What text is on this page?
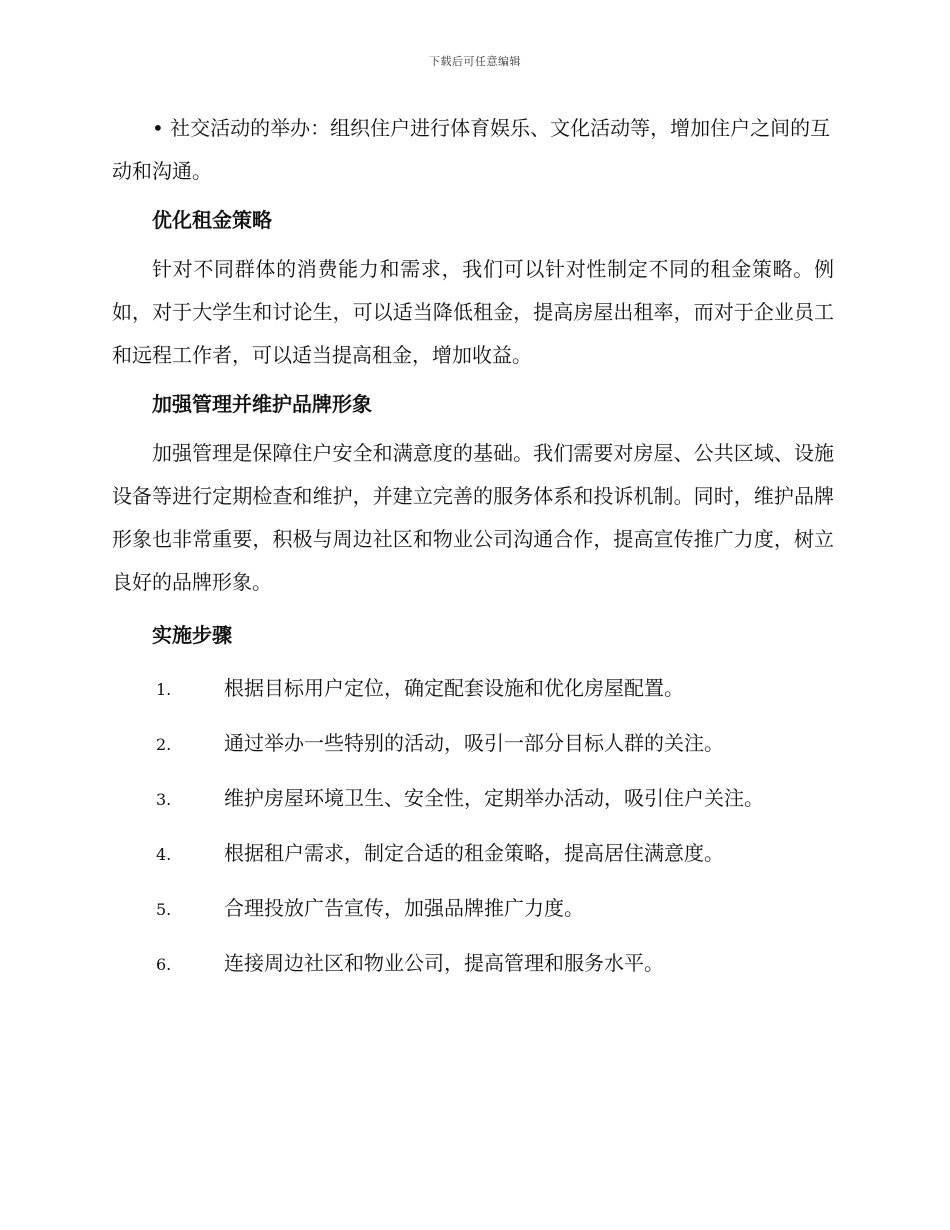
下载后可任意编辑

• 社交活动的举办：组织住户进行体育娱乐、文化活动等，增加住户之间的互动和沟通。

优化租金策略

针对不同群体的消费能力和需求，我们可以针对性制定不同的租金策略。例如，对于大学生和讨论生，可以适当降低租金，提高房屋出租率，而对于企业员工和远程工作者，可以适当提高租金，增加收益。

加强管理并维护品牌形象

加强管理是保障住户安全和满意度的基础。我们需要对房屋、公共区域、设施设备等进行定期检查和维护，并建立完善的服务体系和投诉机制。同时，维护品牌形象也非常重要，积极与周边社区和物业公司沟通合作，提高宣传推广力度，树立良好的品牌形象。

实施步骤
1.	根据目标用户定位，确定配套设施和优化房屋配置。
2.	通过举办一些特别的活动，吸引一部分目标人群的关注。
3.	维护房屋环境卫生、安全性，定期举办活动，吸引住户关注。
4.	根据租户需求，制定合适的租金策略，提高居住满意度。
5.	合理投放广告宣传，加强品牌推广力度。
6.	连接周边社区和物业公司，提高管理和服务水平。
